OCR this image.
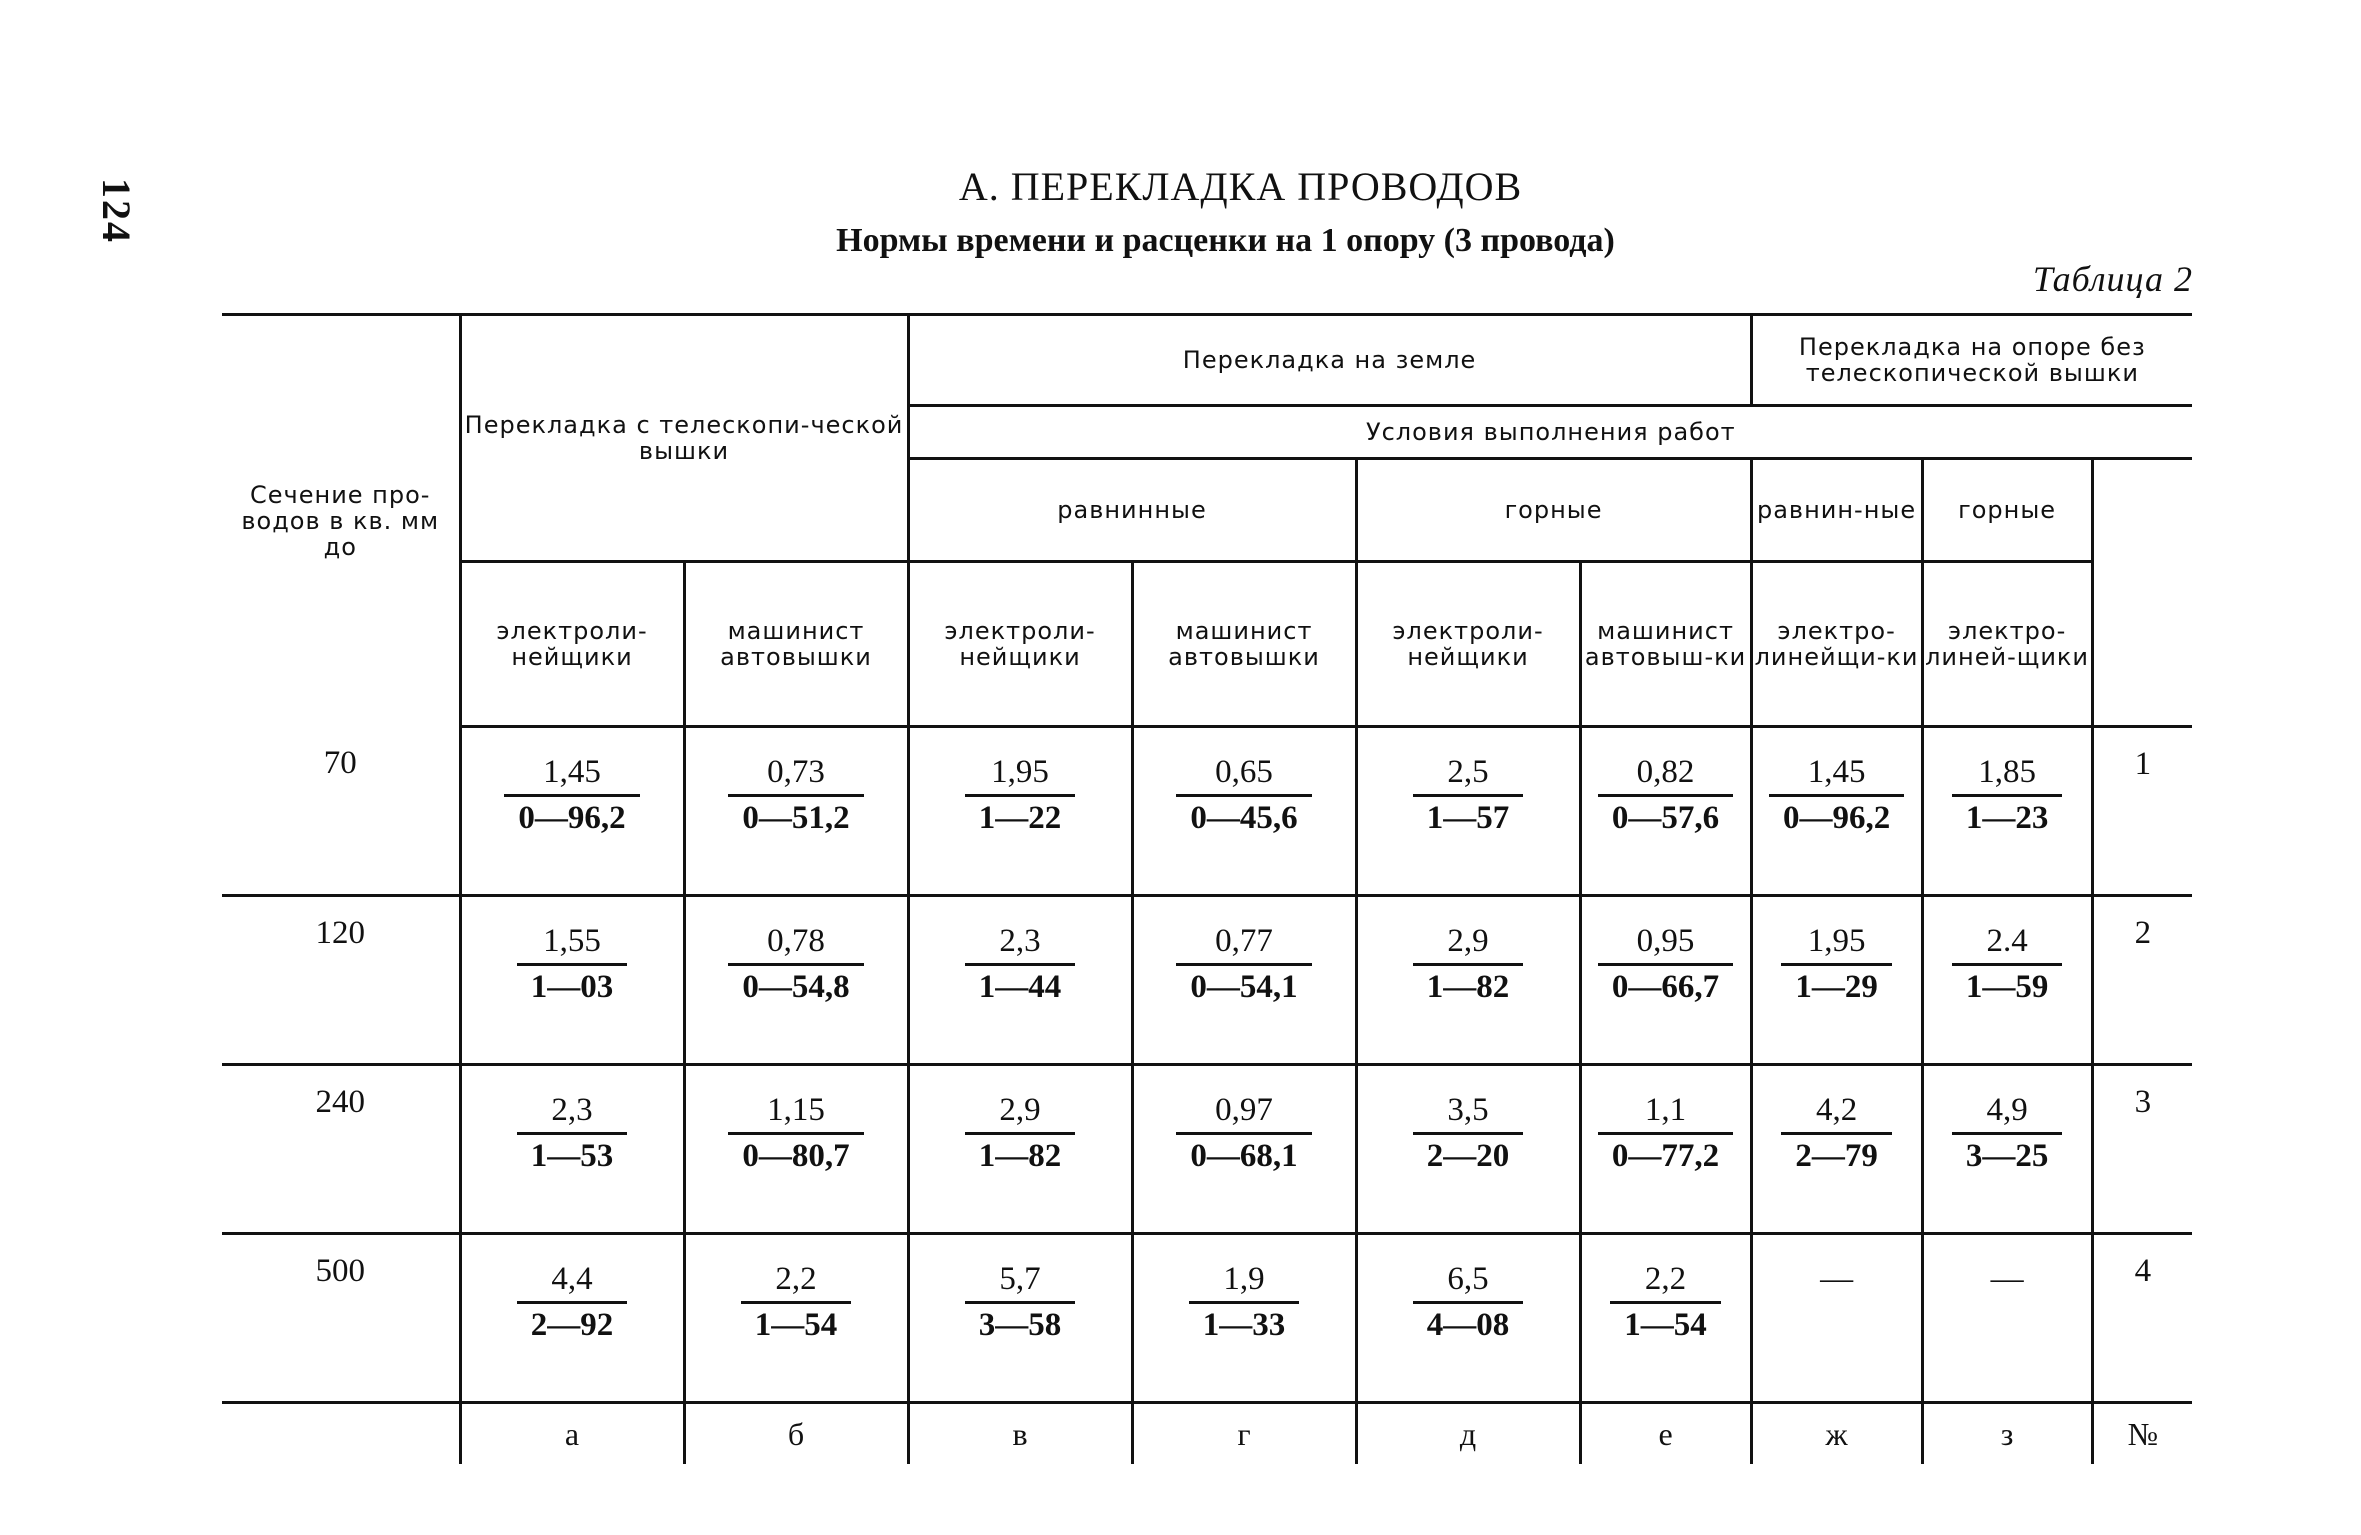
124	А. ПЕРЕКЛАДКА ПРОВОДОВ
Нормы времени и расценки на 1 опору (3 провода)
Таблица 2
Сечение про-водов в кв. мм до	Перекладка с телескопи-ческой вышки		Перекладка на земле				Перекладка на опоре без телескопической вышки		
			Условия выполнения работ						
			равнинные		горные		равнин-ные	горные	
	электроли-нейщики	машинист автовышки	электроли-нейщики	машинист автовышки	электроли-нейщики	машинист автовыш-ки	электро-линейщи-ки	электро-линей-щики	
70	$\frac{1,45}{0—96,2}$	$\frac{0,73}{0—51,2}$	$\frac{1,95}{1—22}$	$\frac{0,65}{0—45,6}$	$\frac{2,5}{1—57}$	$\frac{0,82}{0—57,6}$	$\frac{1,45}{0—96,2}$	$\frac{1,85}{1—23}$	1
120	$\frac{1,55}{1—03}$	$\frac{0,78}{0—54,8}$	$\frac{2,3}{1—44}$	$\frac{0,77}{0—54,1}$	$\frac{2,9}{1—82}$	$\frac{0,95}{0—66,7}$	$\frac{1,95}{1—29}$	$\frac{2.4}{1—59}$	2
240	$\frac{2,3}{1—53}$	$\frac{1,15}{0—80,7}$	$\frac{2,9}{1—82}$	$\frac{0,97}{0—68,1}$	$\frac{3,5}{2—20}$	$\frac{1,1}{0—77,2}$	$\frac{4,2}{2—79}$	$\frac{4,9}{3—25}$	3
500	$\frac{4,4}{2—92}$	$\frac{2,2}{1—54}$	$\frac{5,7}{3—58}$	$\frac{1,9}{1—33}$	$\frac{6,5}{4—08}$	$\frac{2,2}{1—54}$	—	—	4
	а	б	в	г	д	е	ж	з	№
